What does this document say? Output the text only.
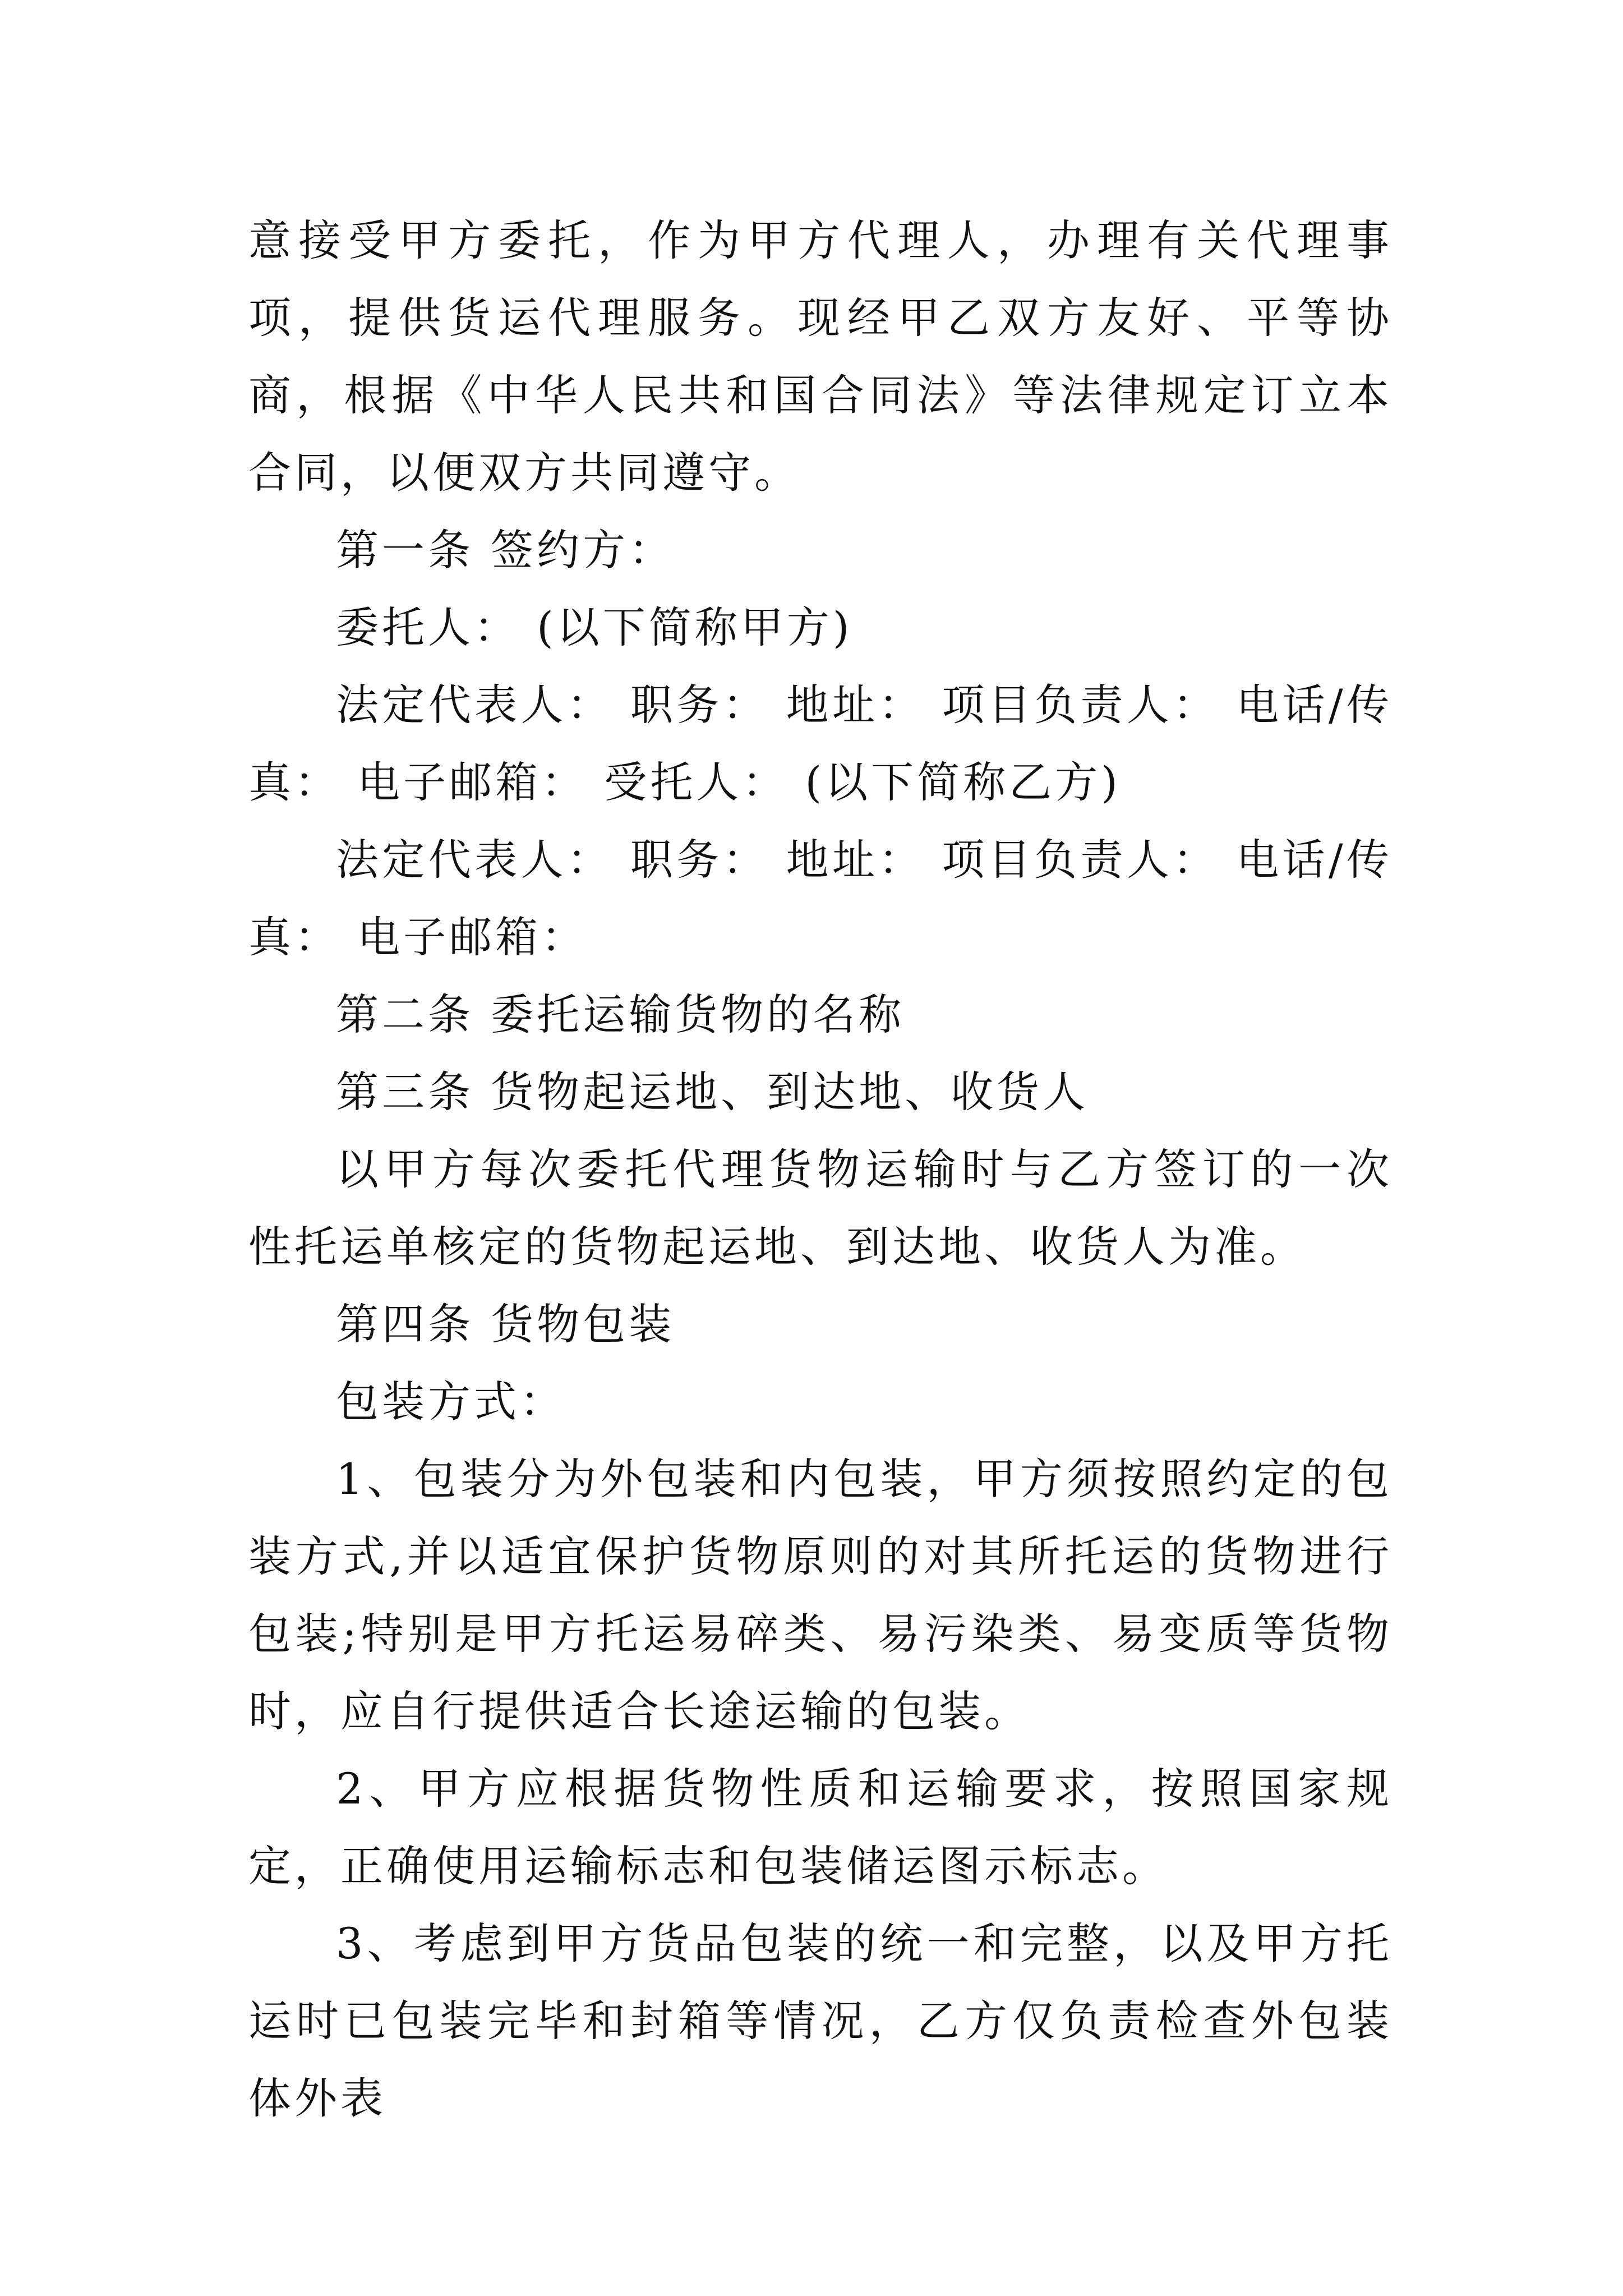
意接受甲方委托，作为甲方代理人，办理有关代理事项，提供货运代理服务。现经甲乙双方友好、平等协商，根据《中华人民共和国合同法》等法律规定订立本合同，以便双方共同遵守。

第一条 签约方：

委托人： (以下简称甲方)

法定代表人： 职务： 地址： 项目负责人： 电话/传真： 电子邮箱： 受托人： (以下简称乙方)

法定代表人： 职务： 地址： 项目负责人： 电话/传真： 电子邮箱：

第二条 委托运输货物的名称

第三条 货物起运地、到达地、收货人

以甲方每次委托代理货物运输时与乙方签订的一次性托运单核定的货物起运地、到达地、收货人为准。

第四条 货物包装

包装方式：

1、包装分为外包装和内包装，甲方须按照约定的包装方式,并以适宜保护货物原则的对其所托运的货物进行包装;特别是甲方托运易碎类、易污染类、易变质等货物时，应自行提供适合长途运输的包装。

2、甲方应根据货物性质和运输要求，按照国家规定，正确使用运输标志和包装储运图示标志。

3、考虑到甲方货品包装的统一和完整，以及甲方托运时已包装完毕和封箱等情况，乙方仅负责检查外包装体外表
